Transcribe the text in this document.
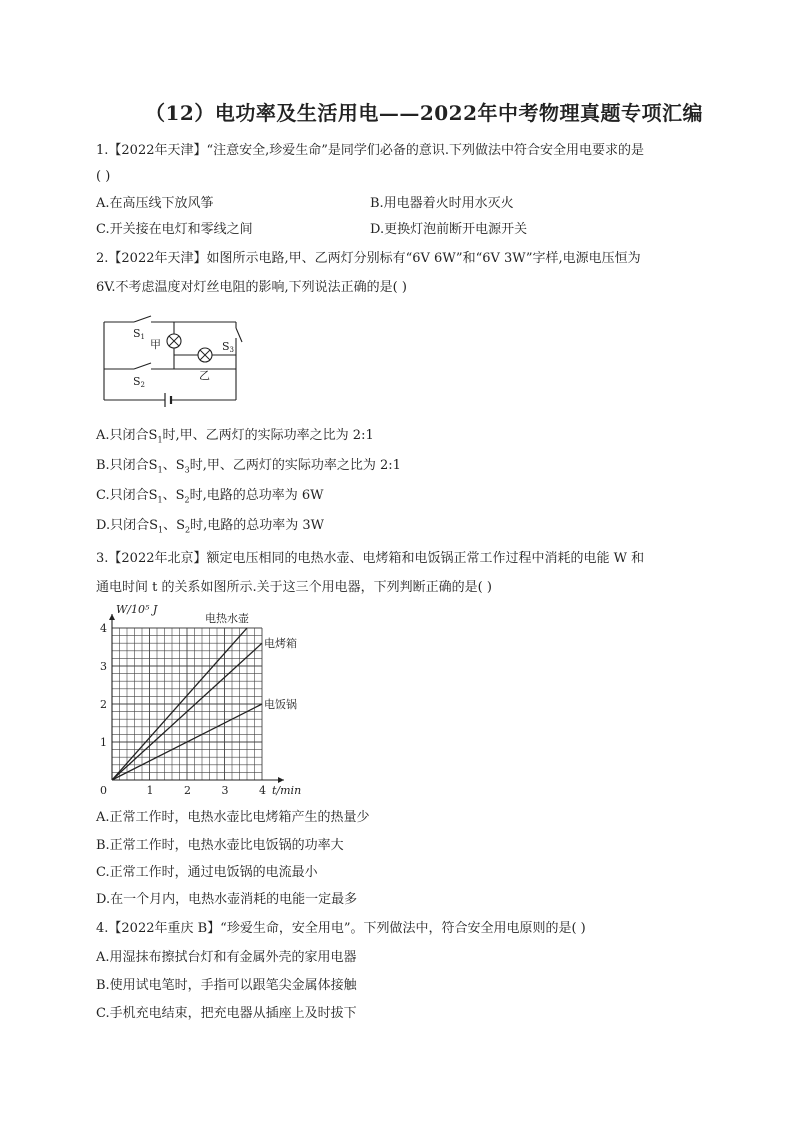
（12）电功率及生活用电——2022年中考物理真题专项汇编
1.【2022年天津】“注意安全,珍爱生命”是同学们必备的意识.下列做法中符合安全用电要求的是
( )
A.在高压线下放风筝	B.用电器着火时用水灭火
C.开关接在电灯和零线之间	D.更换灯泡前断开电源开关
2.【2022年天津】如图所示电路,甲、乙两灯分别标有“6V 6W”和“6V 3W”字样,电源电压恒为
6V.不考虑温度对灯丝电阻的影响,下列说法正确的是( )
S1
S2
S3
甲
乙
A.只闭合$S_1$时,甲、乙两灯的实际功率之比为 2:1
B.只闭合$S_1$、$S_3$时,甲、乙两灯的实际功率之比为 2:1
C.只闭合$S_1$、$S_2$时,电路的总功率为 6W
D.只闭合$S_1$、$S_2$时,电路的总功率为 3W
3.【2022年北京】额定电压相同的电热水壶、电烤箱和电饭锅正常工作过程中消耗的电能 W 和
通电时间 t 的关系如图所示.关于这三个用电器，下列判断正确的是( )
0	1	2	3	4
1
2
3
4
W/10⁵ J
t/min
电热水壶
电烤箱
电饭锅
A.正常工作时，电热水壶比电烤箱产生的热量少
B.正常工作时，电热水壶比电饭锅的功率大
C.正常工作时，通过电饭锅的电流最小
D.在一个月内，电热水壶消耗的电能一定最多
4.【2022年重庆 B】“珍爱生命，安全用电”。下列做法中，符合安全用电原则的是( )
A.用湿抹布擦拭台灯和有金属外壳的家用电器
B.使用试电笔时，手指可以跟笔尖金属体接触
C.手机充电结束，把充电器从插座上及时拔下
